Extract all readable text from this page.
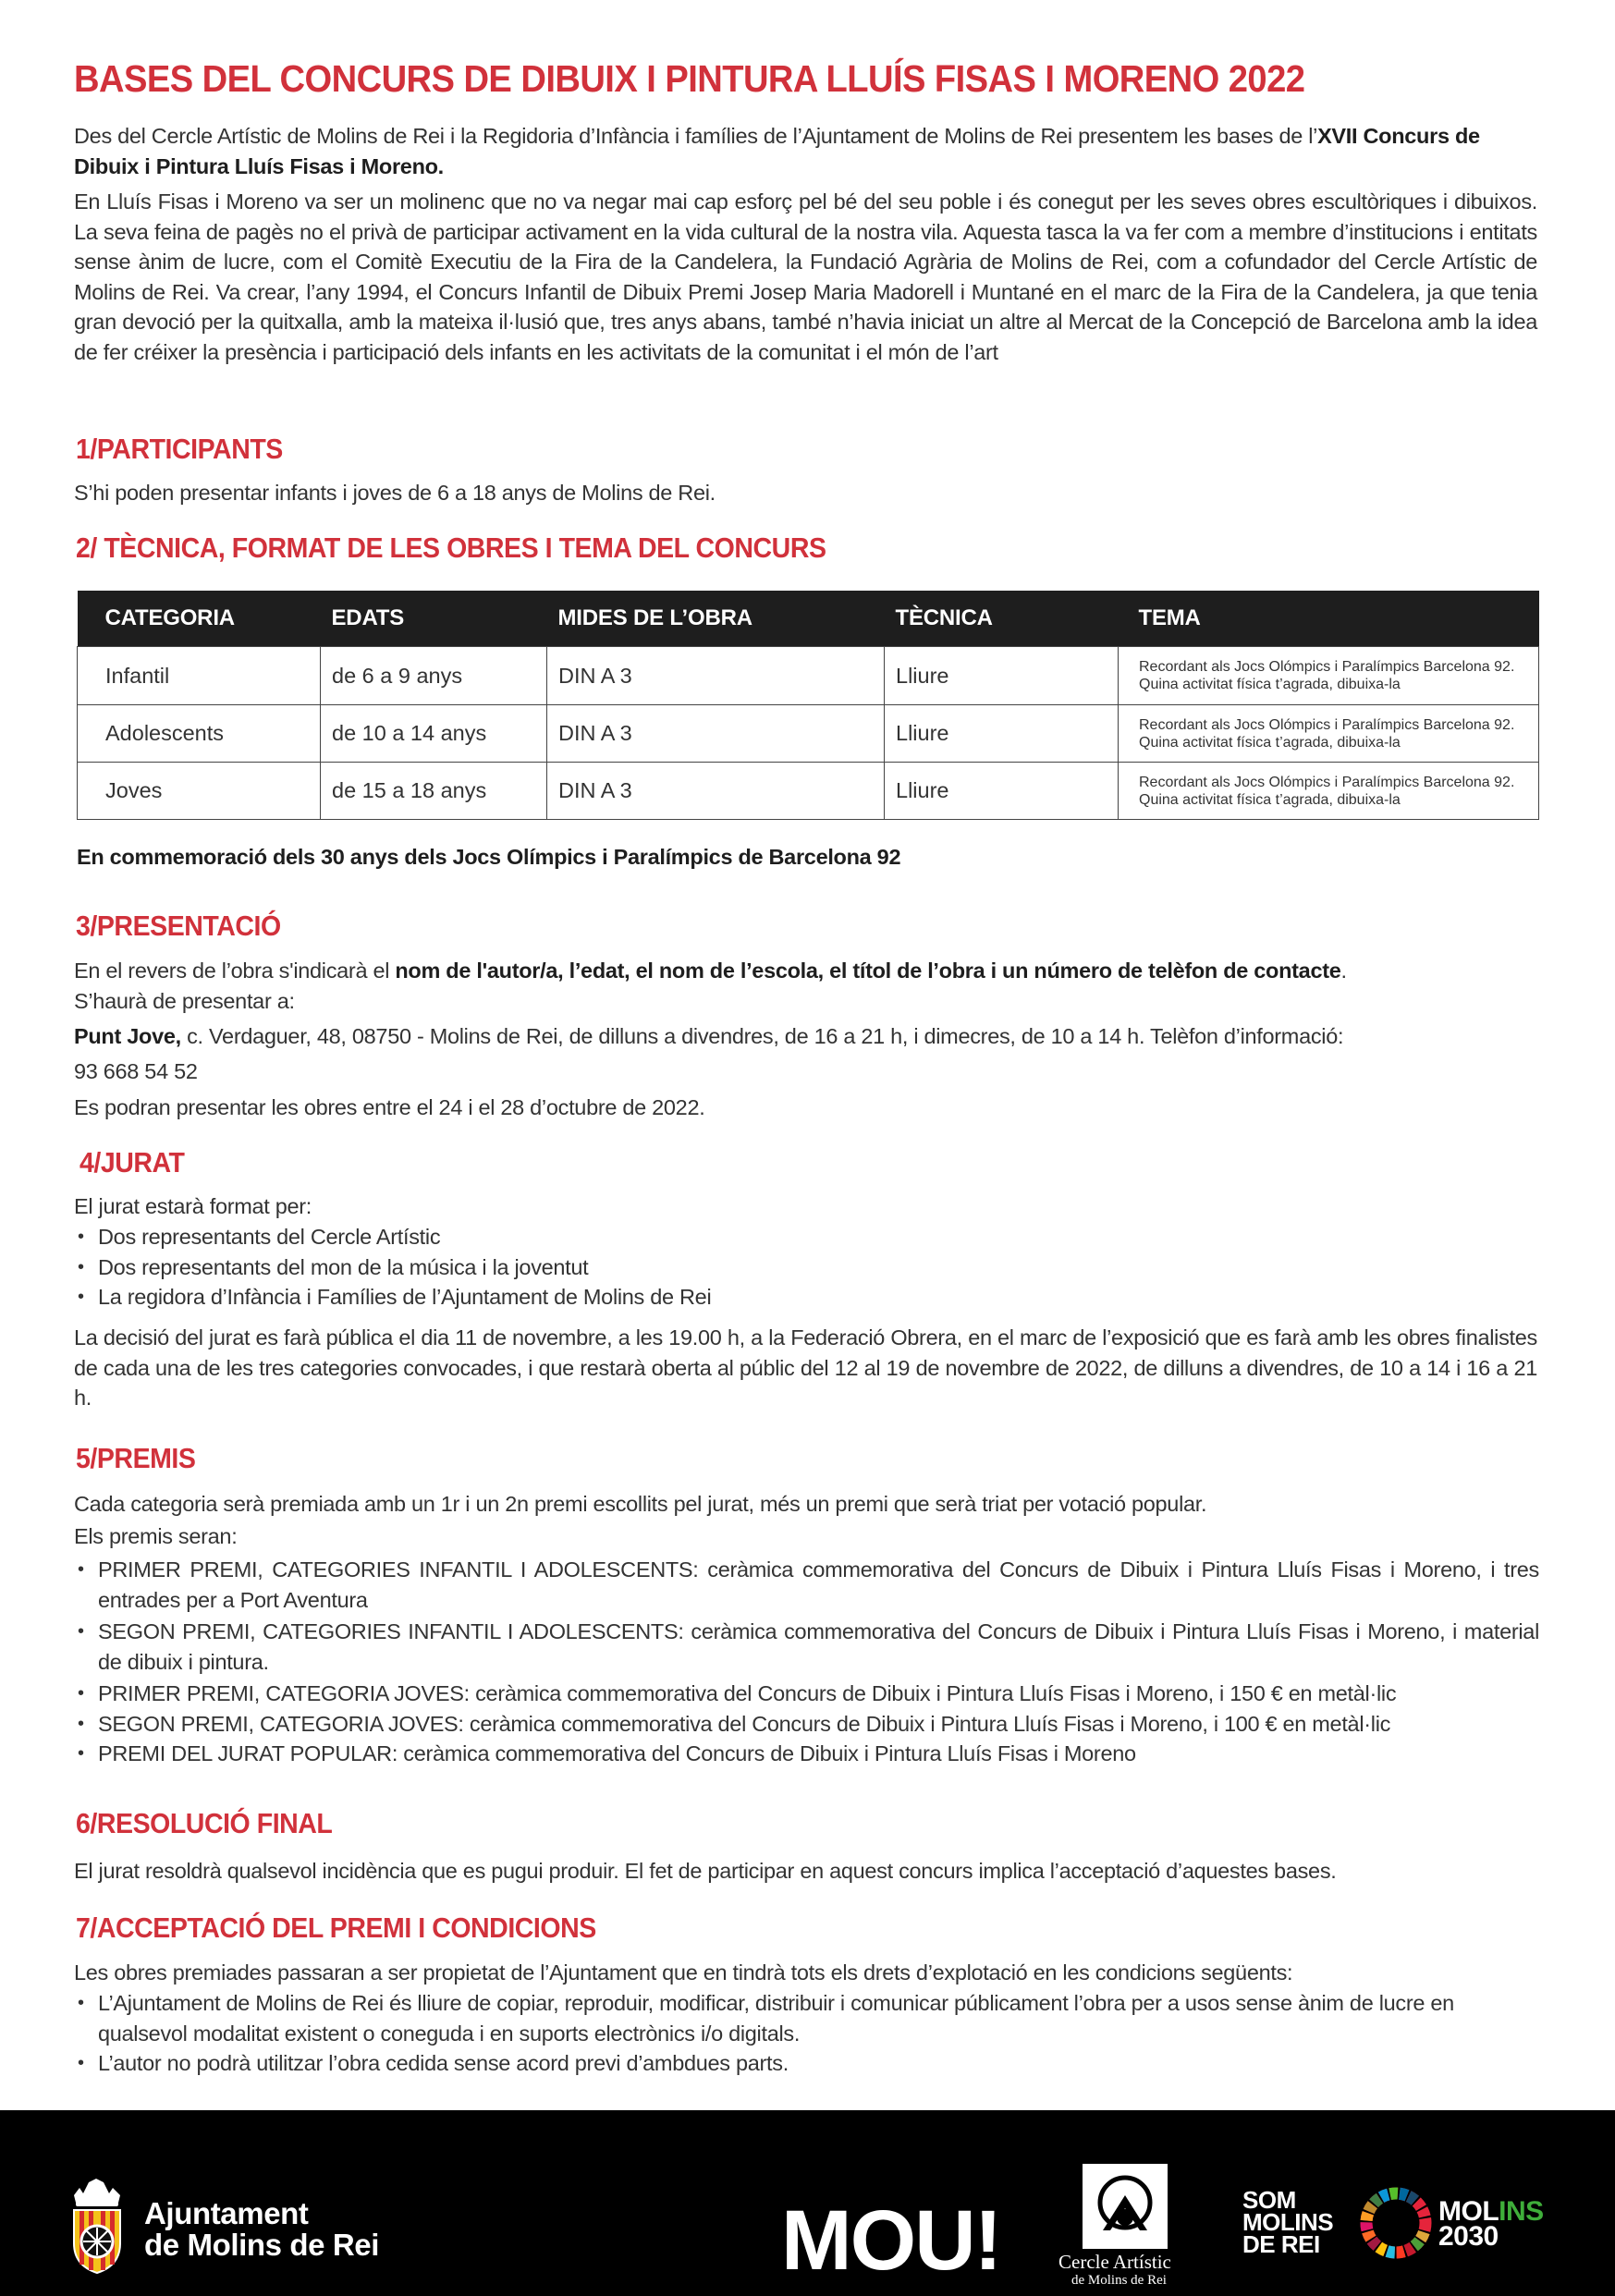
BASES DEL CONCURS DE DIBUIX I PINTURA LLUÍS FISAS I MORENO 2022
Des del Cercle Artístic de Molins de Rei i la Regidoria d’Infància i famílies de l’Ajuntament de Molins de Rei presentem les bases de l’XVII Concurs de Dibuix i Pintura Lluís Fisas i Moreno.
En Lluís Fisas i Moreno va ser un molinenc que no va negar mai cap esforç pel bé del seu poble i és conegut per les seves obres escultòriques i dibuixos. La seva feina de pagès no el privà de participar activament en la vida cultural de la nostra vila. Aquesta tasca la va fer com a membre d’institucions i entitats sense ànim de lucre, com el Comitè Executiu de la Fira de la Candelera, la Fundació Agrària de Molins de Rei, com a cofundador del Cercle Artístic de Molins de Rei. Va crear, l’any 1994, el Concurs Infantil de Dibuix Premi Josep Maria Madorell i Muntané en el marc de la Fira de la Candelera, ja que tenia gran devoció per la quitxalla, amb la mateixa il·lusió que, tres anys abans, també n’havia iniciat un altre al Mercat de la Concepció de Barcelona amb la idea de fer créixer la presència i participació dels infants en les activitats de la comunitat i el món de l’art
1/PARTICIPANTS
S’hi poden presentar infants i joves de 6 a 18 anys de Molins de Rei.
2/ TÈCNICA, FORMAT DE LES OBRES I TEMA DEL CONCURS
CATEGORIA	EDATS	MIDES DE L’OBRA	TÈCNICA	TEMA
Infantil	de 6 a 9 anys	DIN A 3	Lliure	Recordant als Jocs Olómpics i Paralímpics Barcelona 92. Quina activitat física t’agrada, dibuixa-la
Adolescents	de 10 a 14 anys	DIN A 3	Lliure	Recordant als Jocs Olómpics i Paralímpics Barcelona 92. Quina activitat física t’agrada, dibuixa-la
Joves	de 15 a 18 anys	DIN A 3	Lliure	Recordant als Jocs Olómpics i Paralímpics Barcelona 92. Quina activitat física t’agrada, dibuixa-la
En commemoració dels 30 anys dels Jocs Olímpics i Paralímpics de Barcelona 92
3/PRESENTACIÓ
En el revers de l’obra s'indicarà el nom de l'autor/a, l’edat, el nom de l’escola, el títol de l’obra i un número de telèfon de contacte.
S’haurà de presentar a:
Punt Jove, c. Verdaguer, 48, 08750 - Molins de Rei, de dilluns a divendres, de 16 a 21 h, i dimecres, de 10 a 14 h. Telèfon d’informació:
93 668 54 52
Es podran presentar les obres entre el 24 i el 28 d’octubre de 2022.
4/JURAT
El jurat estarà format per:
• Dos representants del Cercle Artístic
• Dos representants del mon de la música i la joventut
• La regidora d’Infància i Famílies de l’Ajuntament de Molins de Rei
La decisió del jurat es farà pública el dia 11 de novembre, a les 19.00 h, a la Federació Obrera, en el marc de l’exposició que es farà amb les obres finalistes de cada una de les tres categories convocades, i que restarà oberta al públic del 12 al 19 de novembre de 2022, de dilluns a divendres, de 10 a 14 i 16 a 21 h.
5/PREMIS
Cada categoria serà premiada amb un 1r i un 2n premi escollits pel jurat, més un premi que serà triat per votació popular.
Els premis seran:
• PRIMER PREMI, CATEGORIES INFANTIL I ADOLESCENTS: ceràmica commemorativa del Concurs de Dibuix i Pintura Lluís Fisas i Moreno, i tres entrades per a Port Aventura
• SEGON PREMI, CATEGORIES INFANTIL I ADOLESCENTS: ceràmica commemorativa del Concurs de Dibuix i Pintura Lluís Fisas i Moreno, i material de dibuix i pintura.
• PRIMER PREMI, CATEGORIA JOVES: ceràmica commemorativa del Concurs de Dibuix i Pintura Lluís Fisas i Moreno, i 150 € en metàl·lic
• SEGON PREMI, CATEGORIA JOVES: ceràmica commemorativa del Concurs de Dibuix i Pintura Lluís Fisas i Moreno, i 100 € en metàl·lic
• PREMI DEL JURAT POPULAR: ceràmica commemorativa del Concurs de Dibuix i Pintura Lluís Fisas i Moreno
6/RESOLUCIÓ FINAL
El jurat resoldrà qualsevol incidència que es pugui produir. El fet de participar en aquest concurs implica l’acceptació d’aquestes bases.
7/ACCEPTACIÓ DEL PREMI I CONDICIONS
Les obres premiades passaran a ser propietat de l’Ajuntament que en tindrà tots els drets d’explotació en les condicions següents:
• L’Ajuntament de Molins de Rei és lliure de copiar, reproduir, modificar, distribuir i comunicar públicament l’obra per a usos sense ànim de lucre en qualsevol modalitat existent o coneguda i en suports electrònics i/o digitals.
• L’autor no podrà utilitzar l’obra cedida sense acord previ d’ambdues parts.
Ajuntament
de Molins de Rei	MOU!	Cercle Artístic
de Molins de Rei
SOM
MOLINS
DE REI
MOLINS
2030
